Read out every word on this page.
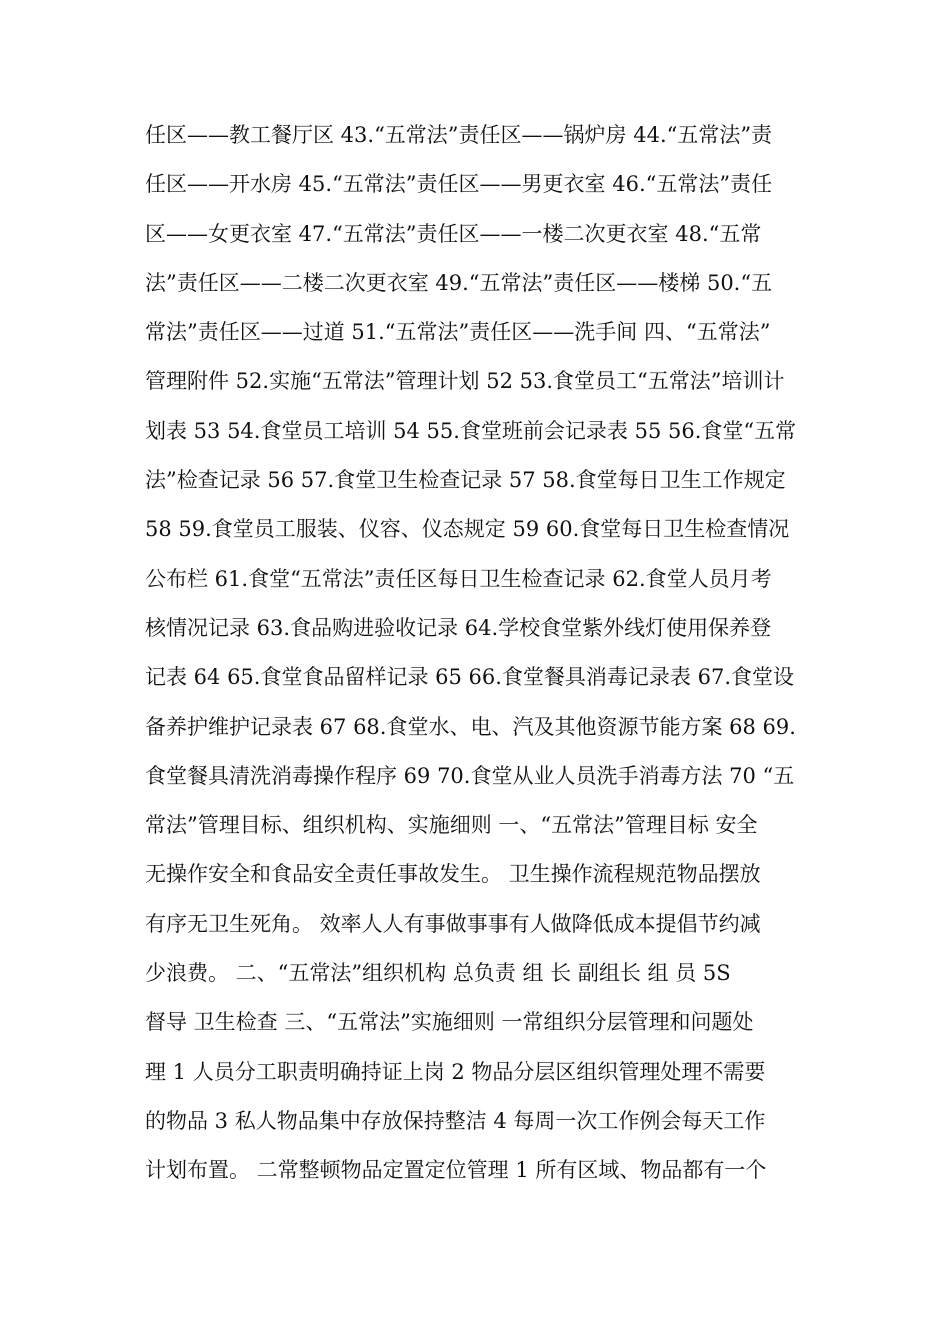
任区——教工餐厅区 43.“五常法”责任区——锅炉房 44.“五常法”责
任区——开水房 45.“五常法”责任区——男更衣室 46.“五常法”责任
区——女更衣室 47.“五常法”责任区——一楼二次更衣室 48.“五常
法”责任区——二楼二次更衣室 49.“五常法”责任区——楼梯 50.“五
常法”责任区——过道 51.“五常法”责任区——洗手间 四、“五常法”
管理附件 52.实施“五常法”管理计划 52 53.食堂员工“五常法”培训计
划表 53 54.食堂员工培训 54 55.食堂班前会记录表 55 56.食堂“五常
法”检查记录 56 57.食堂卫生检查记录 57 58.食堂每日卫生工作规定
58 59.食堂员工服装、仪容、仪态规定 59 60.食堂每日卫生检查情况
公布栏 61.食堂“五常法”责任区每日卫生检查记录 62.食堂人员月考
核情况记录 63.食品购进验收记录 64.学校食堂紫外线灯使用保养登
记表 64 65.食堂食品留样记录 65 66.食堂餐具消毒记录表 67.食堂设
备养护维护记录表 67 68.食堂水、电、汽及其他资源节能方案 68 69.
食堂餐具清洗消毒操作程序 69 70.食堂从业人员洗手消毒方法 70 “五
常法”管理目标、组织机构、实施细则 一、“五常法”管理目标 安全
无操作安全和食品安全责任事故发生。 卫生操作流程规范物品摆放
有序无卫生死角。 效率人人有事做事事有人做降低成本提倡节约减
少浪费。 二、“五常法”组织机构 总负责 组 长 副组长 组 员 5S
督导 卫生检查 三、“五常法”实施细则 一常组织分层管理和问题处
理 1 人员分工职责明确持证上岗 2 物品分层区组织管理处理不需要
的物品 3 私人物品集中存放保持整洁 4 每周一次工作例会每天工作
计划布置。 二常整顿物品定置定位管理 1 所有区域、物品都有一个
